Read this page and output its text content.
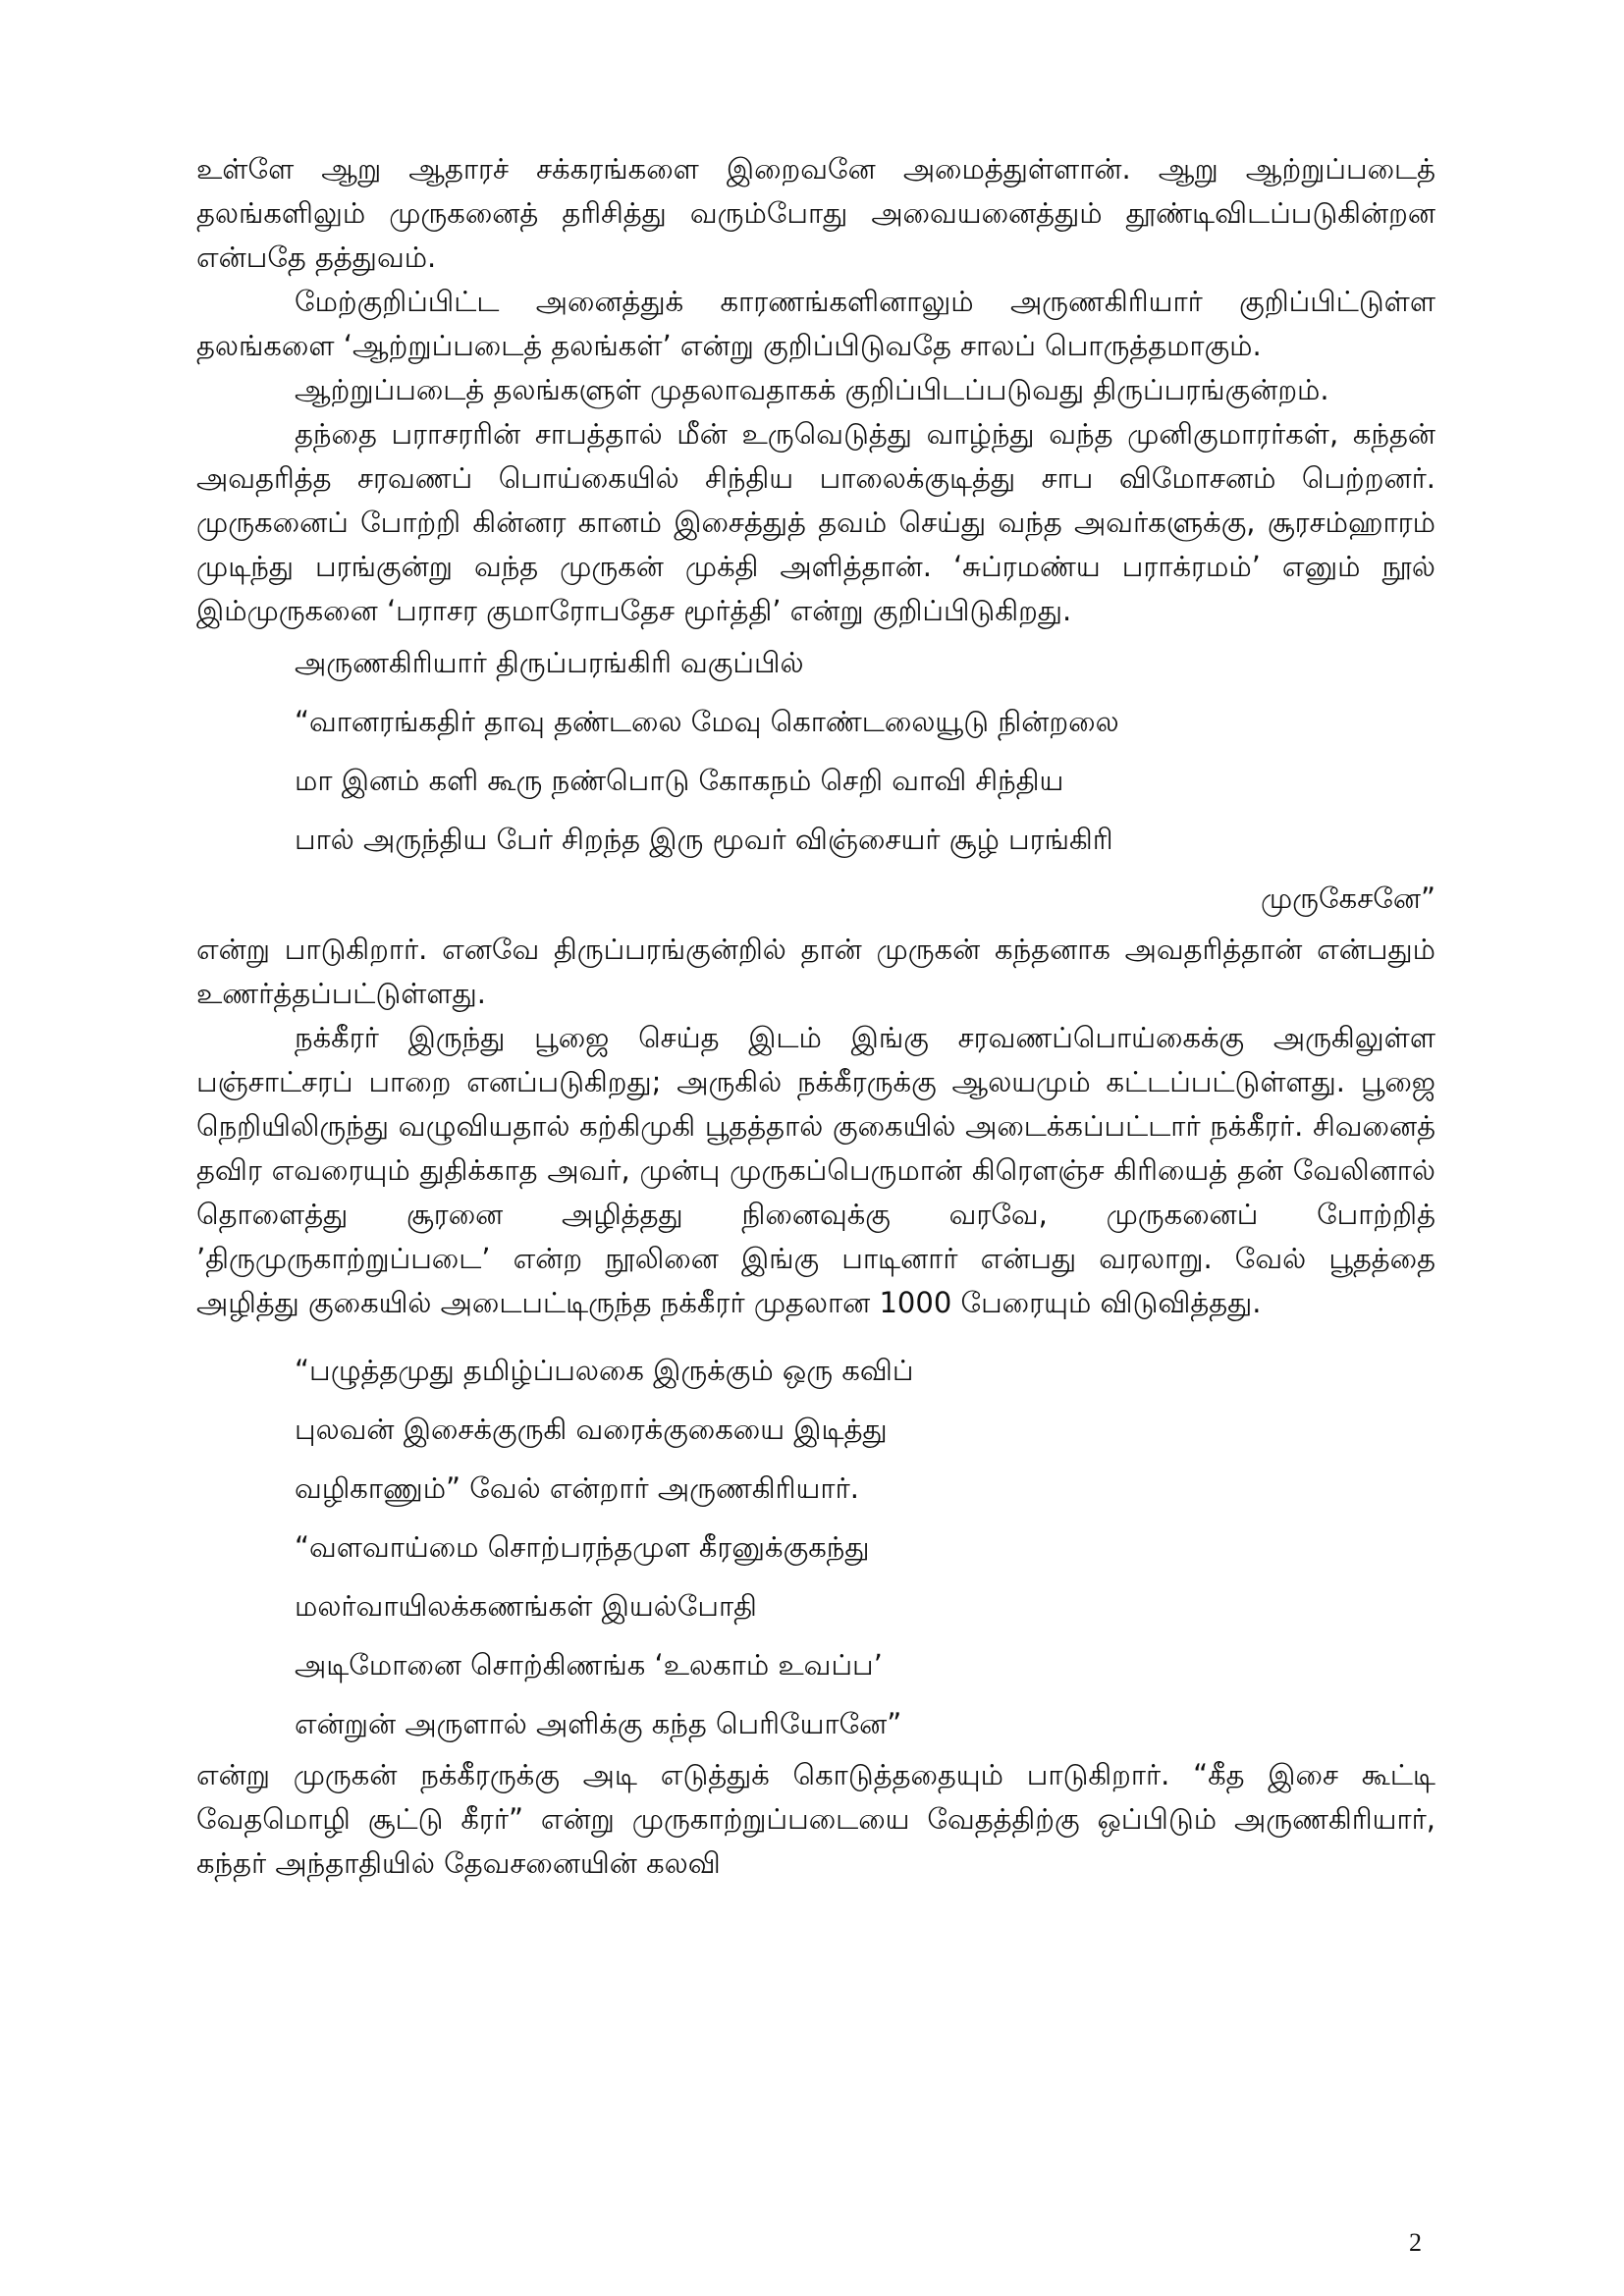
உள்ளே ஆறு ஆதாரச் சக்கரங்களை இறைவனே அமைத்துள்ளான். ஆறு ஆற்றுப்படைத் தலங்களிலும் முருகனைத் தரிசித்து வரும்போது அவையனைத்தும் தூண்டிவிடப்படுகின்றன என்பதே தத்துவம்.

மேற்குறிப்பிட்ட அனைத்துக் காரணங்களினாலும் அருணகிரியார் குறிப்பிட்டுள்ள தலங்களை ‘ஆற்றுப்படைத் தலங்கள்’ என்று குறிப்பிடுவதே சாலப் பொருத்தமாகும்.

ஆற்றுப்படைத் தலங்களுள் முதலாவதாகக் குறிப்பிடப்படுவது திருப்பரங்குன்றம்.

தந்தை பராசரரின் சாபத்தால் மீன் உருவெடுத்து வாழ்ந்து வந்த முனிகுமாரர்கள், கந்தன் அவதரித்த சரவணப் பொய்கையில் சிந்திய பாலைக்குடித்து சாப விமோசனம் பெற்றனர். முருகனைப் போற்றி கின்னர கானம் இசைத்துத் தவம் செய்து வந்த அவர்களுக்கு, சூரசம்ஹாரம் முடிந்து பரங்குன்று வந்த முருகன் முக்தி அளித்தான். ‘சுப்ரமண்ய பராக்ரமம்’ எனும் நூல் இம்முருகனை ‘பராசர குமாரோபதேச மூர்த்தி’ என்று குறிப்பிடுகிறது.

அருணகிரியார் திருப்பரங்கிரி வகுப்பில்

“வானரங்கதிர் தாவு தண்டலை மேவு கொண்டலையூடு நின்றலை

மா இனம் களி கூரு நண்பொடு கோகநம் செறி வாவி சிந்திய

பால் அருந்திய பேர் சிறந்த இரு மூவர் விஞ்சையர் சூழ் பரங்கிரி

முருகேசனே”

என்று பாடுகிறார். எனவே திருப்பரங்குன்றில் தான் முருகன் கந்தனாக அவதரித்தான் என்பதும் உணர்த்தப்பட்டுள்ளது.

நக்கீரர் இருந்து பூஜை செய்த இடம் இங்கு சரவணப்பொய்கைக்கு அருகிலுள்ள பஞ்சாட்சரப் பாறை எனப்படுகிறது; அருகில் நக்கீரருக்கு ஆலயமும் கட்டப்பட்டுள்ளது. பூஜை நெறியிலிருந்து வழுவியதால் கற்கிமுகி பூதத்தால் குகையில் அடைக்கப்பட்டார் நக்கீரர். சிவனைத் தவிர எவரையும் துதிக்காத அவர், முன்பு முருகப்பெருமான் கிரௌஞ்ச கிரியைத் தன் வேலினால் தொளைத்து சூரனை அழித்தது நினைவுக்கு வரவே, முருகனைப் போற்றித் ’திருமுருகாற்றுப்படை’ என்ற நூலினை இங்கு பாடினார் என்பது வரலாறு. வேல் பூதத்தை அழித்து குகையில் அடைபட்டிருந்த நக்கீரர் முதலான 1000 பேரையும் விடுவித்தது.

“பழுத்தமுது தமிழ்ப்பலகை இருக்கும் ஒரு கவிப்

புலவன் இசைக்குருகி வரைக்குகையை இடித்து

வழிகாணும்” வேல் என்றார் அருணகிரியார்.

“வளவாய்மை சொற்பரந்தமுள கீரனுக்குகந்து

மலர்வாயிலக்கணங்கள் இயல்போதி

அடிமோனை சொற்கிணங்க ‘உலகாம் உவப்ப’

என்றுன் அருளால் அளிக்கு கந்த பெரியோனே”

என்று முருகன் நக்கீரருக்கு அடி எடுத்துக் கொடுத்ததையும் பாடுகிறார். “கீத இசை கூட்டி வேதமொழி சூட்டு கீரர்” என்று முருகாற்றுப்படையை வேதத்திற்கு ஒப்பிடும் அருணகிரியார், கந்தர் அந்தாதியில் தேவசனையின் கலவி

2
